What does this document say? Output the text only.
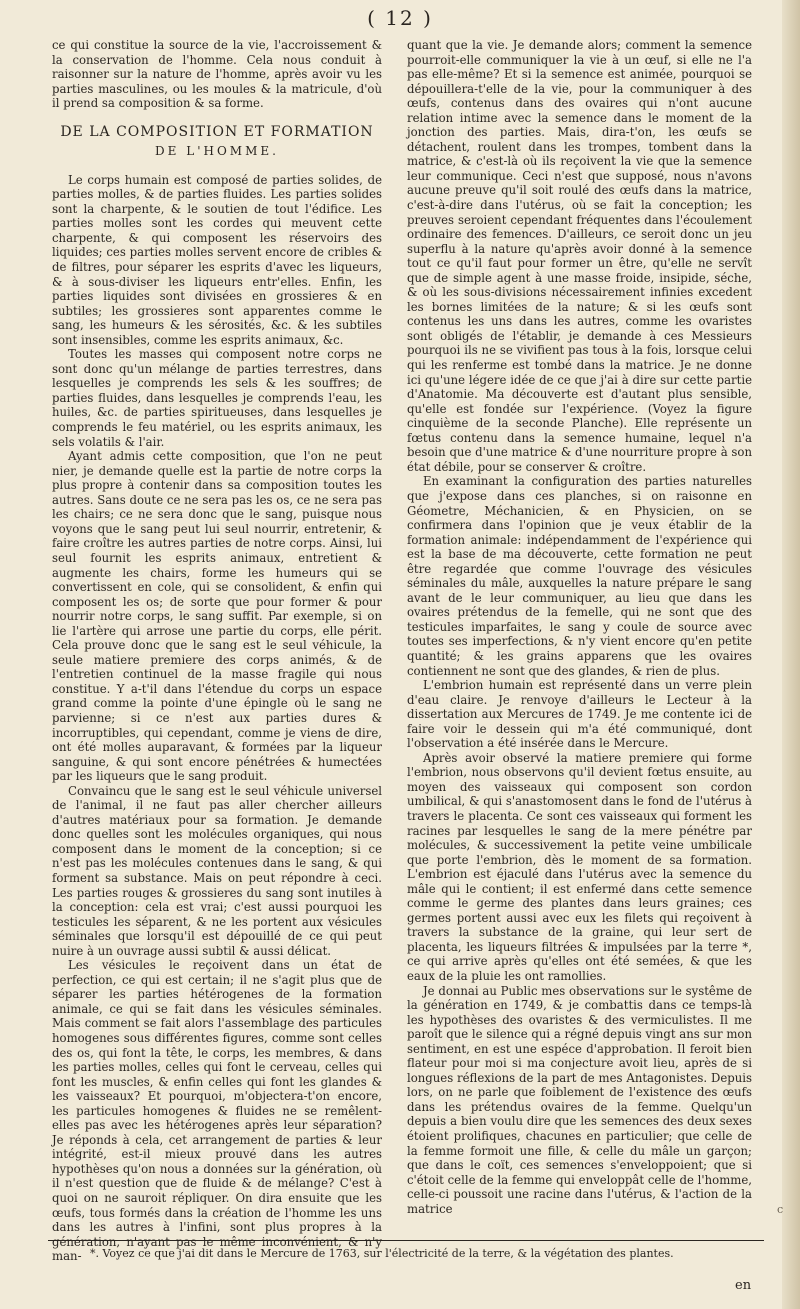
( 12 )

ce qui constitue la source de la vie, l'accroissement & la conservation de l'homme. Cela nous conduit à raisonner sur la nature de l'homme, après avoir vu les parties masculines, ou les moules & la matricule, d'où il prend sa composition & sa forme.

DE LA COMPOSITION ET FORMATION
DE L'HOMME.

Le corps humain est composé de parties solides, de parties molles, & de parties fluides. Les parties solides sont la charpente, & le soutien de tout l'édifice. Les parties molles sont les cordes qui meuvent cette charpente, & qui composent les réservoirs des liquides; ces parties molles servent encore de cribles & de filtres, pour séparer les esprits d'avec les liqueurs, & à sous-diviser les liqueurs entr'elles. Enfin, les parties liquides sont divisées en grossieres & en subtiles; les grossieres sont apparentes comme le sang, les humeurs & les sérosités, &c. & les subtiles sont insensibles, comme les esprits animaux, &c.

Toutes les masses qui composent notre corps ne sont donc qu'un mélange de parties terrestres, dans lesquelles je comprends les sels & les souffres; de parties fluides, dans lesquelles je comprends l'eau, les huiles, &c. de parties spiritueuses, dans lesquelles je comprends le feu matériel, ou les esprits animaux, les sels volatils & l'air.

Ayant admis cette composition, que l'on ne peut nier, je demande quelle est la partie de notre corps la plus propre à contenir dans sa composition toutes les autres. Sans doute ce ne sera pas les os, ce ne sera pas les chairs; ce ne sera donc que le sang, puisque nous voyons que le sang peut lui seul nourrir, entretenir, & faire croître les autres parties de notre corps. Ainsi, lui seul fournit les esprits animaux, entretient & augmente les chairs, forme les humeurs qui se convertissent en cole, qui se consolident, & enfin qui composent les os; de sorte que pour former & pour nourrir notre corps, le sang suffit. Par exemple, si on lie l'artère qui arrose une partie du corps, elle périt. Cela prouve donc que le sang est le seul véhicule, la seule matiere premiere des corps animés, & de l'entretien continuel de la masse fragile qui nous constitue. Y a-t'il dans l'étendue du corps un espace grand comme la pointe d'une épingle où le sang ne parvienne; si ce n'est aux parties dures & incorruptibles, qui cependant, comme je viens de dire, ont été molles auparavant, & formées par la liqueur sanguine, & qui sont encore pénétrées & humectées par les liqueurs que le sang produit.

Convaincu que le sang est le seul véhicule universel de l'animal, il ne faut pas aller chercher ailleurs d'autres matériaux pour sa formation. Je demande donc quelles sont les molécules organiques, qui nous composent dans le moment de la conception; si ce n'est pas les molécules contenues dans le sang, & qui forment sa substance. Mais on peut répondre à ceci. Les parties rouges & grossieres du sang sont inutiles à la conception: cela est vrai; c'est aussi pourquoi les testicules les séparent, & ne les portent aux vésicules séminales que lorsqu'il est dépouillé de ce qui peut nuire à un ouvrage aussi subtil & aussi délicat.

Les vésicules le reçoivent dans un état de perfection, ce qui est certain; il ne s'agit plus que de séparer les parties hétérogenes de la formation animale, ce qui se fait dans les vésicules séminales. Mais comment se fait alors l'assemblage des particules homogenes sous différentes figures, comme sont celles des os, qui font la tête, le corps, les membres, & dans les parties molles, celles qui font le cerveau, celles qui font les muscles, & enfin celles qui font les glandes & les vaisseaux? Et pourquoi, m'objectera-t'on encore, les particules homogenes & fluides ne se remêlent-elles pas avec les hétérogenes après leur séparation? Je réponds à cela, cet arrangement de parties & leur intégrité, est-il mieux prouvé dans les autres hypothèses qu'on nous a données sur la génération, où il n'est question que de fluide & de mélange? C'est à quoi on ne sauroit répliquer. On dira ensuite que les œufs, tous formés dans la création de l'homme les uns dans les autres à l'infini, sont plus propres à la génération, n'ayant pas le même inconvénient, & n'y man-

quant que la vie. Je demande alors; comment la semence pourroit-elle communiquer la vie à un œuf, si elle ne l'a pas elle-même? Et si la semence est animée, pourquoi se dépouillera-t'elle de la vie, pour la communiquer à des œufs, contenus dans des ovaires qui n'ont aucune relation intime avec la semence dans le moment de la jonction des parties. Mais, dira-t'on, les œufs se détachent, roulent dans les trompes, tombent dans la matrice, & c'est-là où ils reçoivent la vie que la semence leur communique. Ceci n'est que supposé, nous n'avons aucune preuve qu'il soit roulé des œufs dans la matrice, c'est-à-dire dans l'utérus, où se fait la conception; les preuves seroient cependant fréquentes dans l'écoulement ordinaire des femences. D'ailleurs, ce seroit donc un jeu superflu à la nature qu'après avoir donné à la semence tout ce qu'il faut pour former un être, qu'elle ne servît que de simple agent à une masse froide, insipide, séche, & où les sous-divisions nécessairement infinies excedent les bornes limitées de la nature; & si les œufs sont contenus les uns dans les autres, comme les ovaristes sont obligés de l'établir, je demande à ces Messieurs pourquoi ils ne se vivifient pas tous à la fois, lorsque celui qui les renferme est tombé dans la matrice. Je ne donne ici qu'une légere idée de ce que j'ai à dire sur cette partie d'Anatomie. Ma découverte est d'autant plus sensible, qu'elle est fondée sur l'expérience. (Voyez la figure cinquième de la seconde Planche). Elle représente un fœtus contenu dans la semence humaine, lequel n'a besoin que d'une matrice & d'une nourriture propre à son état débile, pour se conserver & croître.

En examinant la configuration des parties naturelles que j'expose dans ces planches, si on raisonne en Géometre, Méchanicien, & en Physicien, on se confirmera dans l'opinion que je veux établir de la formation animale: indépendamment de l'expérience qui est la base de ma découverte, cette formation ne peut être regardée que comme l'ouvrage des vésicules séminales du mâle, auxquelles la nature prépare le sang avant de le leur communiquer, au lieu que dans les ovaires prétendus de la femelle, qui ne sont que des testicules imparfaites, le sang y coule de source avec toutes ses imperfections, & n'y vient encore qu'en petite quantité; & les grains apparens que les ovaires contiennent ne sont que des glandes, & rien de plus.

L'embrion humain est représenté dans un verre plein d'eau claire. Je renvoye d'ailleurs le Lecteur à la dissertation aux Mercures de 1749. Je me contente ici de faire voir le dessein qui m'a été communiqué, dont l'observation a été insérée dans le Mercure.

Après avoir observé la matiere premiere qui forme l'embrion, nous observons qu'il devient fœtus ensuite, au moyen des vaisseaux qui composent son cordon umbilical, & qui s'anastomosent dans le fond de l'utérus à travers le placenta. Ce sont ces vaisseaux qui forment les racines par lesquelles le sang de la mere pénétre par molécules, & successivement la petite veine umbilicale que porte l'embrion, dès le moment de sa formation. L'embrion est éjaculé dans l'utérus avec la semence du mâle qui le contient; il est enfermé dans cette semence comme le germe des plantes dans leurs graines; ces germes portent aussi avec eux les filets qui reçoivent à travers la substance de la graine, qui leur sert de placenta, les liqueurs filtrées & impulsées par la terre *, ce qui arrive après qu'elles ont été semées, & que les eaux de la pluie les ont ramollies.

Je donnai au Public mes observations sur le systême de la génération en 1749, & je combattis dans ce temps-là les hypothèses des ovaristes & des vermiculistes. Il me paroît que le silence qui a régné depuis vingt ans sur mon sentiment, en est une espéce d'approbation. Il feroit bien flateur pour moi si ma conjecture avoit lieu, après de si longues réflexions de la part de mes Antagonistes. Depuis lors, on ne parle que foiblement de l'existence des œufs dans les prétendus ovaires de la femme. Quelqu'un depuis a bien voulu dire que les semences des deux sexes étoient prolifiques, chacunes en particulier; que celle de la femme formoit une fille, & celle du mâle un garçon; que dans le coït, ces semences s'enveloppoient; que si c'étoit celle de la femme qui enveloppât celle de l'homme, celle-ci poussoit une racine dans l'utérus, & l'action de la matrice	c
*. Voyez ce que j'ai dit dans le Mercure de 1763, sur l'électricité de la terre, & la végétation des plantes.
en
